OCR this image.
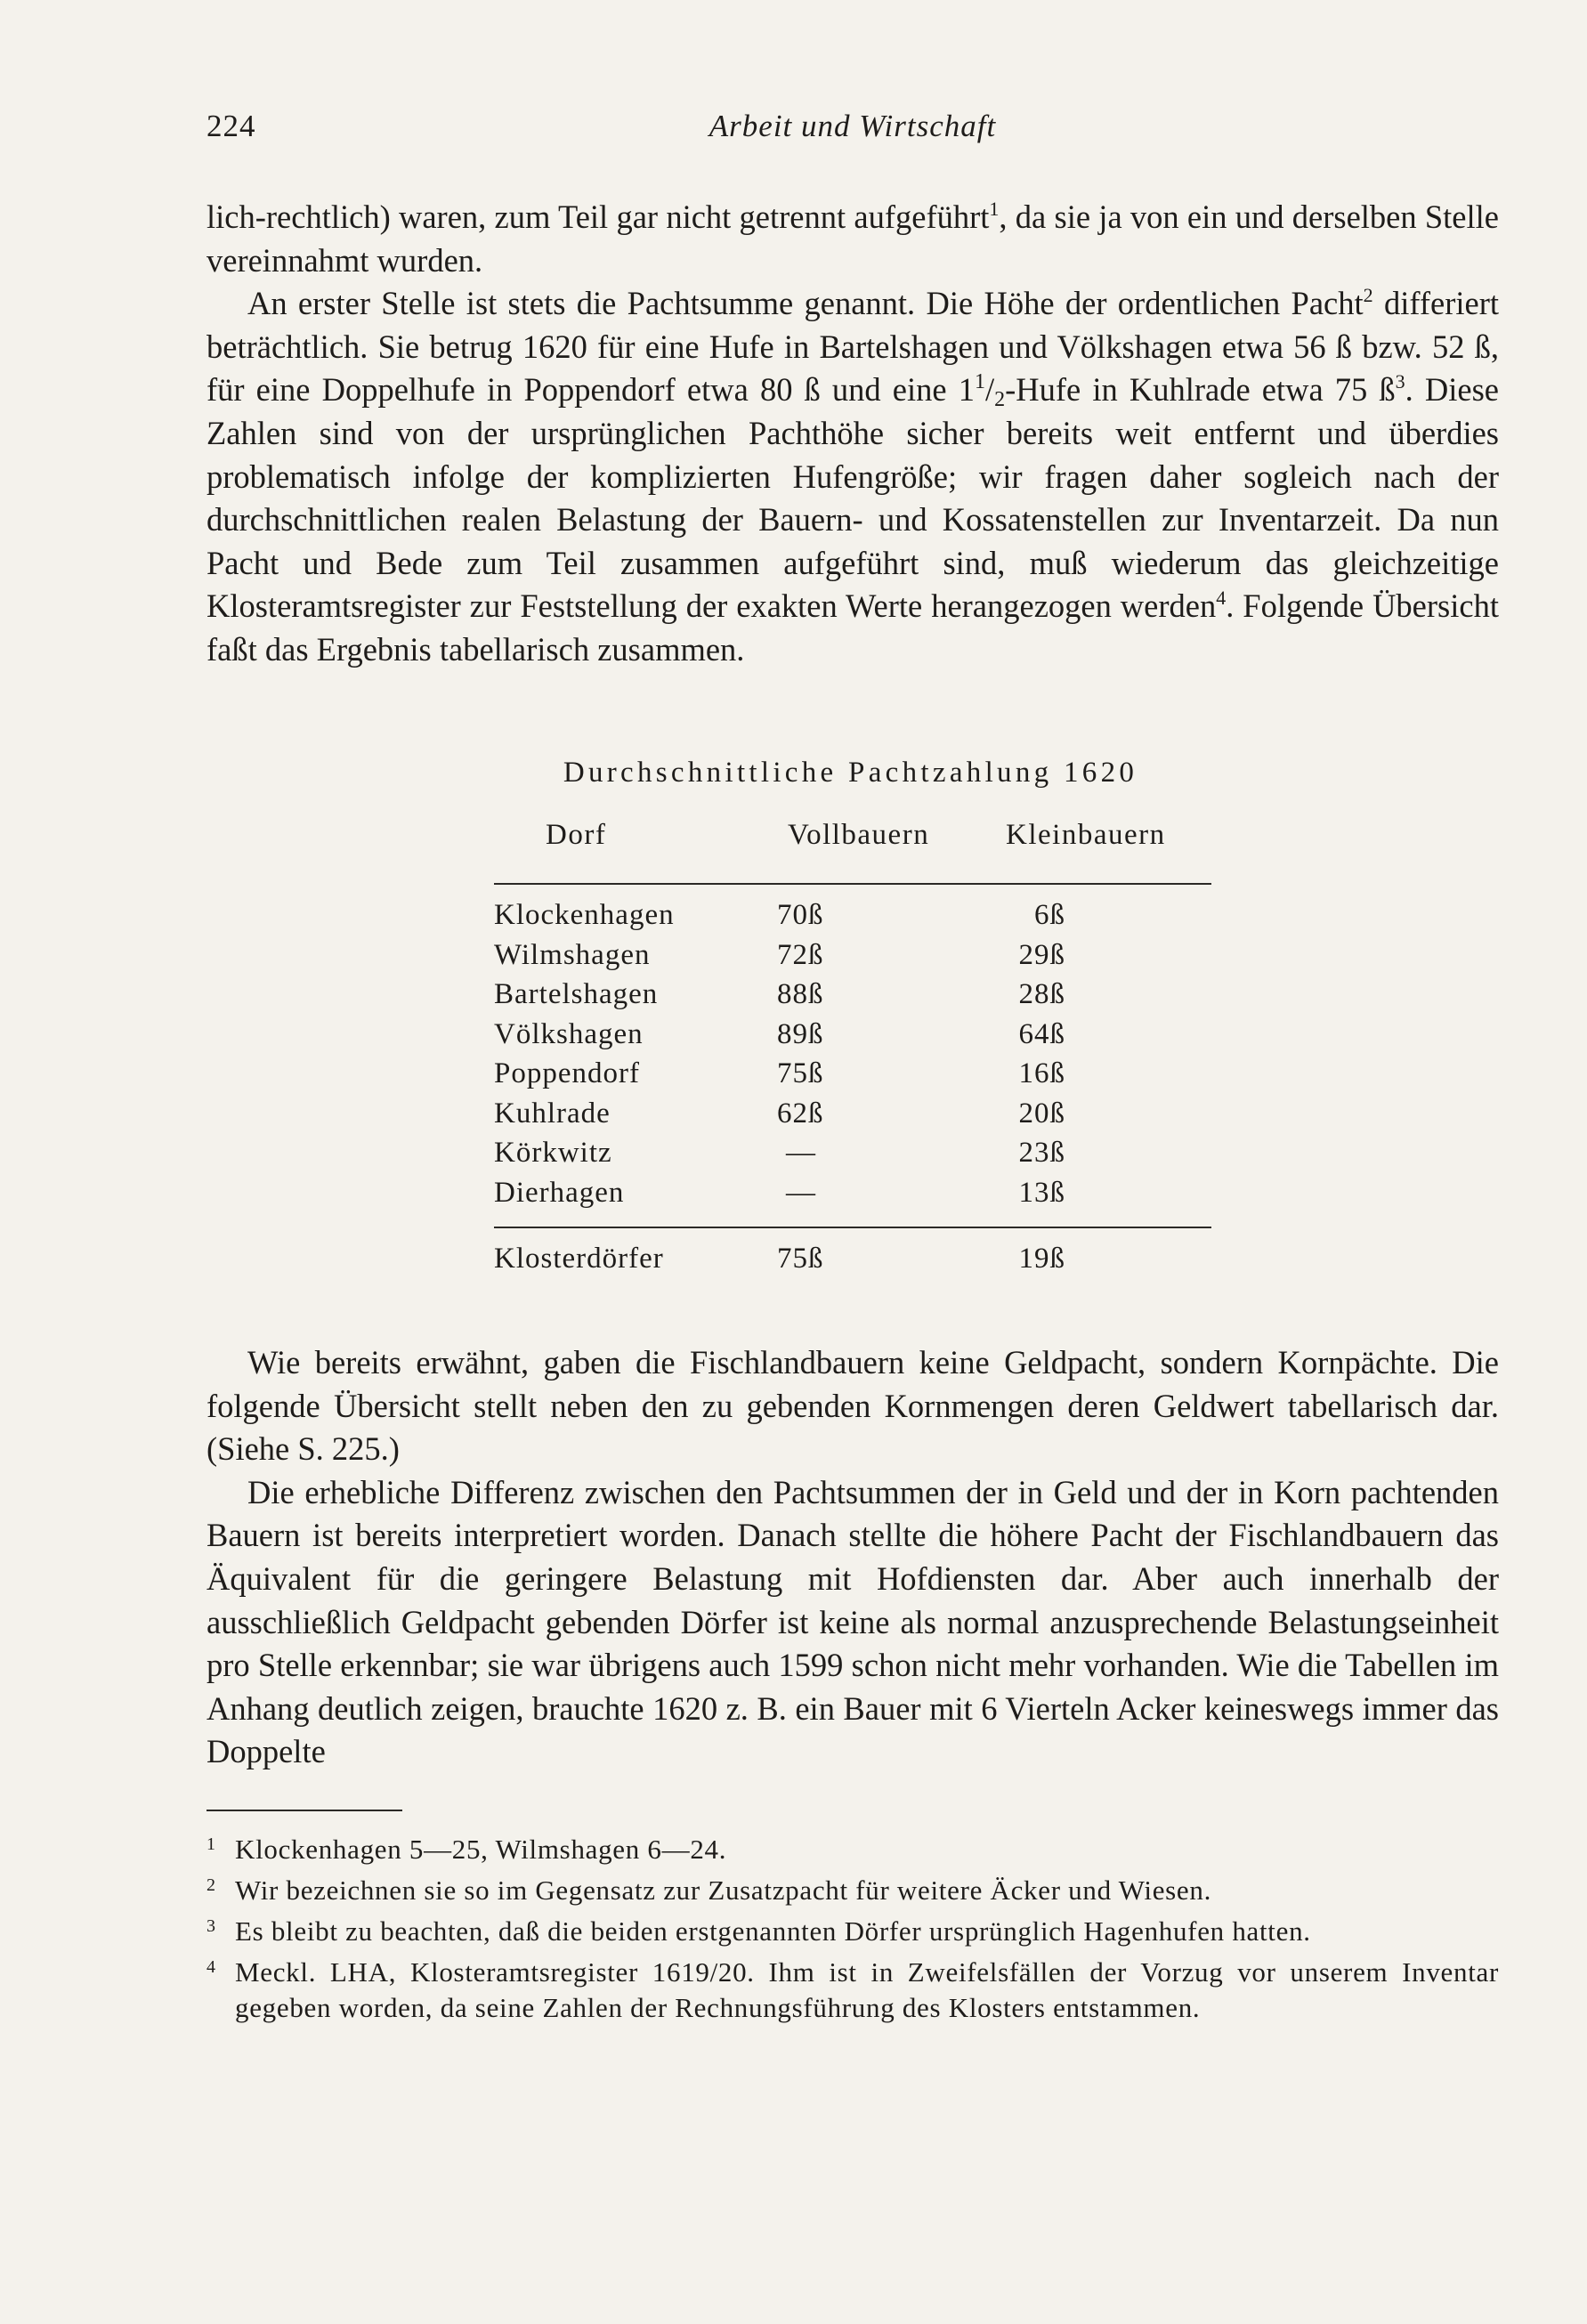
224	Arbeit und Wirtschaft

lich-rechtlich) waren, zum Teil gar nicht getrennt aufgeführt$^1$, da sie ja von ein und derselben Stelle vereinnahmt wurden.

An erster Stelle ist stets die Pachtsumme genannt. Die Höhe der ordentlichen Pacht$^2$ differiert beträchtlich. Sie betrug 1620 für eine Hufe in Bartelshagen und Völkshagen etwa 56 ß bzw. 52 ß, für eine Doppelhufe in Poppendorf etwa 80 ß und eine $1^1/2$-Hufe in Kuhlrade etwa 75 $ß^3$. Diese Zahlen sind von der ursprünglichen Pachthöhe sicher bereits weit entfernt und überdies problematisch infolge der komplizierten Hufengröße; wir fragen daher sogleich nach der durchschnittlichen realen Belastung der Bauern- und Kossatenstellen zur Inventarzeit. Da nun Pacht und Bede zum Teil zusammen aufgeführt sind, muß wiederum das gleichzeitige Klosteramtsregister zur Feststellung der exakten Werte herangezogen werden$^4$. Folgende Übersicht faßt das Ergebnis tabellarisch zusammen.

Durchschnittliche Pachtzahlung 1620
Dorf	Vollbauern	Kleinbauern
Klockenhagen	70ß	6ß
Wilmshagen	72ß	29ß
Bartelshagen	88ß	28ß
Völkshagen	89ß	64ß
Poppendorf	75ß	16ß
Kuhlrade	62ß	20ß
Körkwitz	—	23ß
Dierhagen	—	13ß
Klosterdörfer	75ß	19ß

Wie bereits erwähnt, gaben die Fischlandbauern keine Geldpacht, sondern Kornpächte. Die folgende Übersicht stellt neben den zu gebenden Kornmengen deren Geldwert tabellarisch dar. (Siehe S. 225.)

Die erhebliche Differenz zwischen den Pachtsummen der in Geld und der in Korn pachtenden Bauern ist bereits interpretiert worden. Danach stellte die höhere Pacht der Fischlandbauern das Äquivalent für die geringere Belastung mit Hofdiensten dar. Aber auch innerhalb der ausschließlich Geldpacht gebenden Dörfer ist keine als normal anzusprechende Belastungseinheit pro Stelle erkennbar; sie war übrigens auch 1599 schon nicht mehr vorhanden. Wie die Tabellen im Anhang deutlich zeigen, brauchte 1620 z. B. ein Bauer mit 6 Vierteln Acker keineswegs immer das Doppelte

1 Klockenhagen 5—25, Wilmshagen 6—24.
2 Wir bezeichnen sie so im Gegensatz zur Zusatzpacht für weitere Äcker und Wiesen.
3 Es bleibt zu beachten, daß die beiden erstgenannten Dörfer ursprünglich Hagenhufen hatten.
4 Meckl. LHA, Klosteramtsregister 1619/20. Ihm ist in Zweifelsfällen der Vorzug vor unserem Inventar gegeben worden, da seine Zahlen der Rechnungsführung des Klosters entstammen.
